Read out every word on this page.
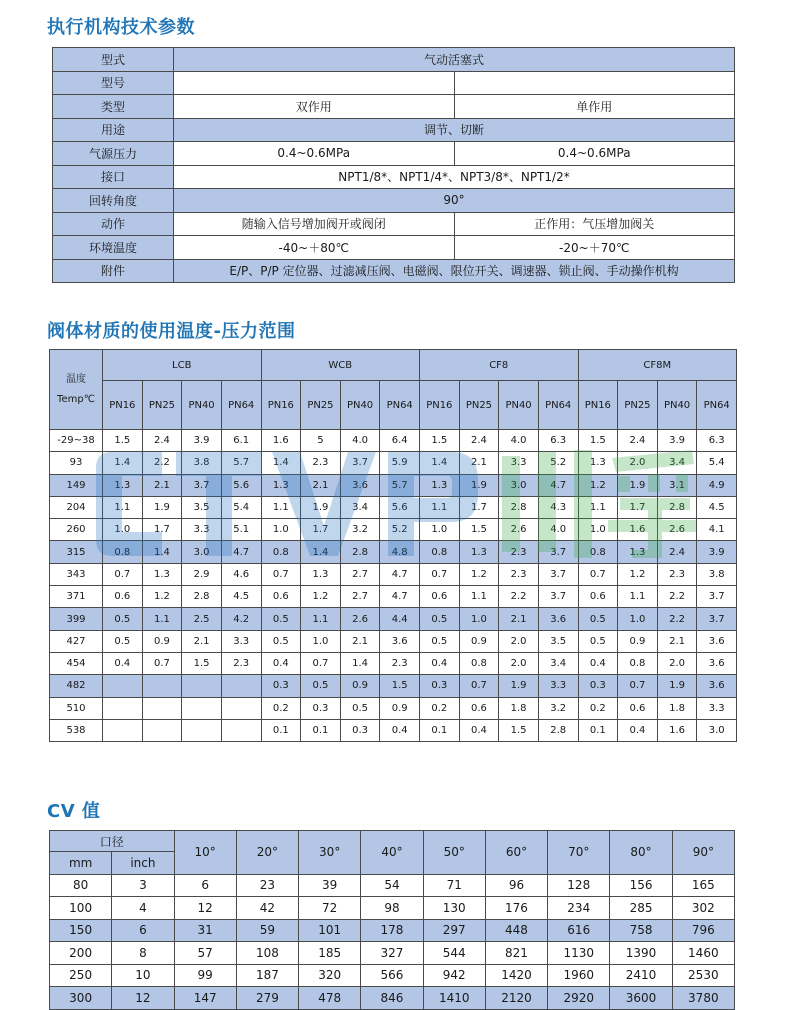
执行机构技术参数
型式	气动活塞式	
型号		
类型	双作用	单作用
用途	调节、切断	
气源压力	0.4~0.6MPa	0.4~0.6MPa
接口	NPT1/8*、NPT1/4*、NPT3/8*、NPT1/2*	
回转角度	90°	
动作	随输入信号增加阀开或阀闭	正作用：气压增加阀关
环境温度	-40~＋80℃	-20~＋70℃
附件	E/P、P/P 定位器、过滤减压阀、电磁阀、限位开关、调速器、锁止阀、手动操作机构	
阀体材质的使用温度-压力范围
温度
Temp℃	LCB				WCB				CF8				CF8M			
	PN16	PN25	PN40	PN64	PN16	PN25	PN40	PN64	PN16	PN25	PN40	PN64	PN16	PN25	PN40	PN64
-29~38	1.5	2.4	3.9	6.1	1.6	5	4.0	6.4	1.5	2.4	4.0	6.3	1.5	2.4	3.9	6.3
93	1.4	2.2	3.8	5.7	1.4	2.3	3.7	5.9	1.4	2.1	3.3	5.2	1.3	2.0	3.4	5.4
149	1.3	2.1	3.7	5.6	1.3	2.1	3.6	5.7	1.3	1.9	3.0	4.7	1.2	1.9	3.1	4.9
204	1.1	1.9	3.5	5.4	1.1	1.9	3.4	5.6	1.1	1.7	2.8	4.3	1.1	1.7	2.8	4.5
260	1.0	1.7	3.3	5.1	1.0	1.7	3.2	5.2	1.0	1.5	2.6	4.0	1.0	1.6	2.6	4.1
315	0.8	1.4	3.0	4.7	0.8	1.4	2.8	4.8	0.8	1.3	2.3	3.7	0.8	1.3	2.4	3.9
343	0.7	1.3	2.9	4.6	0.7	1.3	2.7	4.7	0.7	1.2	2.3	3.7	0.7	1.2	2.3	3.8
371	0.6	1.2	2.8	4.5	0.6	1.2	2.7	4.7	0.6	1.1	2.2	3.7	0.6	1.1	2.2	3.7
399	0.5	1.1	2.5	4.2	0.5	1.1	2.6	4.4	0.5	1.0	2.1	3.6	0.5	1.0	2.2	3.7
427	0.5	0.9	2.1	3.3	0.5	1.0	2.1	3.6	0.5	0.9	2.0	3.5	0.5	0.9	2.1	3.6
454	0.4	0.7	1.5	2.3	0.4	0.7	1.4	2.3	0.4	0.8	2.0	3.4	0.4	0.8	2.0	3.6
482					0.3	0.5	0.9	1.5	0.3	0.7	1.9	3.3	0.3	0.7	1.9	3.6
510					0.2	0.3	0.5	0.9	0.2	0.6	1.8	3.2	0.2	0.6	1.8	3.3
538					0.1	0.1	0.3	0.4	0.1	0.4	1.5	2.8	0.1	0.4	1.6	3.0
CV 值
口径		10°	20°	30°	40°	50°	60°	70°	80°	90°
mm	inch									
80	3	6	23	39	54	71	96	128	156	165
100	4	12	42	72	98	130	176	234	285	302
150	6	31	59	101	178	297	448	616	758	796
200	8	57	108	185	327	544	821	1130	1390	1460
250	10	99	187	320	566	942	1420	1960	2410	2530
300	12	147	279	478	846	1410	2120	2920	3600	3780
